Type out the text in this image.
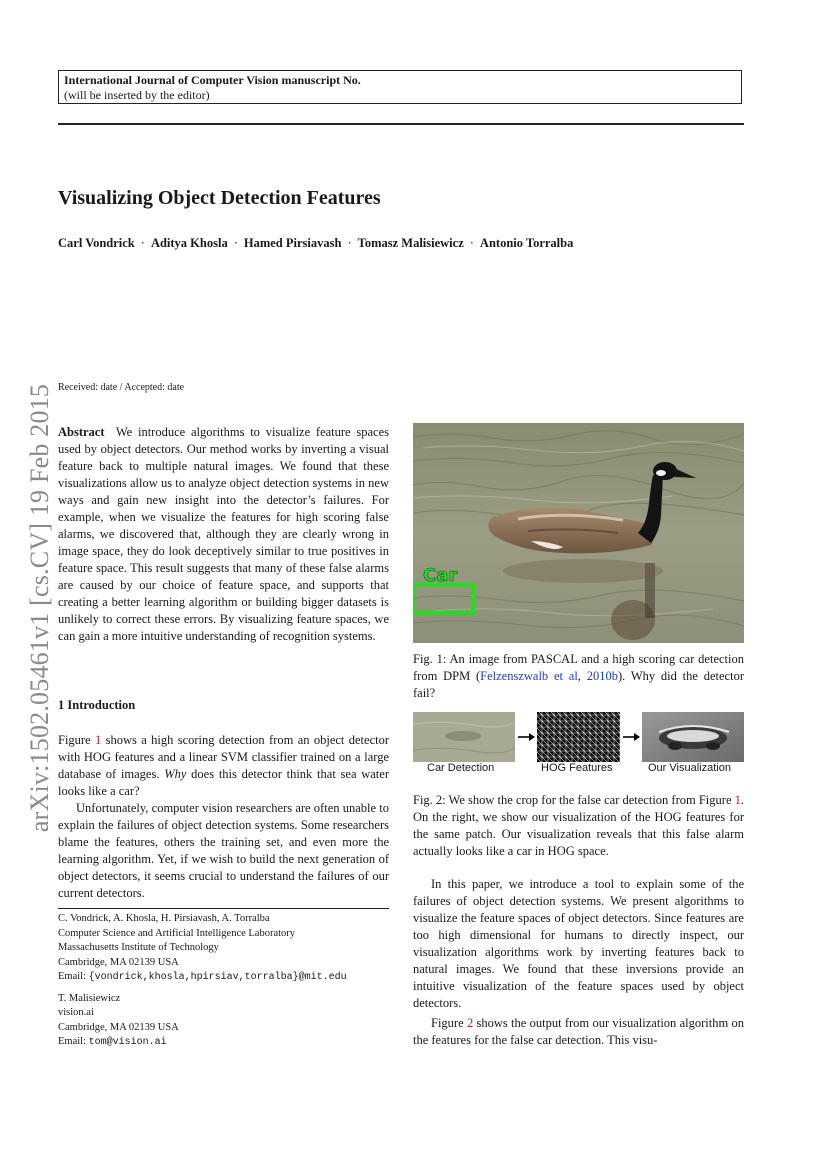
International Journal of Computer Vision manuscript No.
(will be inserted by the editor)
Visualizing Object Detection Features
Carl Vondrick · Aditya Khosla · Hamed Pirsiavash · Tomasz Malisiewicz · Antonio Torralba
Received: date / Accepted: date
arXiv:1502.05461v1 [cs.CV] 19 Feb 2015 Abstract We introduce algorithms to visualize feature spaces used by object detectors. Our method works by inverting a visual feature back to multiple natural images. We found that these visualizations allow us to analyze object detection systems in new ways and gain new insight into the detector’s failures. For example, when we visualize the features for high scoring false alarms, we discovered that, although they are clearly wrong in image space, they do look deceptively similar to true positives in feature space. This result suggests that many of these false alarms are caused by our choice of feature space, and supports that creating a better learning algorithm or building bigger datasets is unlikely to correct these errors. By visualizing feature spaces, we can gain a more intuitive understanding of recognition systems.

1 Introduction

Figure 1 shows a high scoring detection from an object detector with HOG features and a linear SVM classifier trained on a large database of images. Why does this detector think that sea water looks like a car?

Unfortunately, computer vision researchers are often unable to explain the failures of object detection systems. Some researchers blame the features, others the training set, and even more the learning algorithm. Yet, if we wish to build the next generation of object detectors, it seems crucial to understand the failures of our current detectors.

C. Vondrick, A. Khosla, H. Pirsiavash, A. Torralba

Computer Science and Artificial Intelligence Laboratory

Massachusetts Institute of Technology

Cambridge, MA 02139 USA

Email: {vondrick,khosla,hpirsiav,torralba}@mit.edu

T. Malisiewicz

vision.ai

Cambridge, MA 02139 USA

Email: tom@vision.ai

Car
Fig. 1: An image from PASCAL and a high scoring car detection from DPM (Felzenszwalb et al, 2010b). Why did the detector fail?
Car Detection	HOG Features	Our Visualization
Fig. 2: We show the crop for the false car detection from Figure 1. On the right, we show our visualization of the HOG features for the same patch. Our visualization reveals that this false alarm actually looks like a car in HOG space.

In this paper, we introduce a tool to explain some of the failures of object detection systems. We present algorithms to visualize the feature spaces of object detectors. Since features are too high dimensional for humans to directly inspect, our visualization algorithms work by inverting features back to natural images. We found that these inversions provide an intuitive visualization of the feature spaces used by object detectors.

Figure 2 shows the output from our visualization algorithm on the features for the false car detection. This visu-
